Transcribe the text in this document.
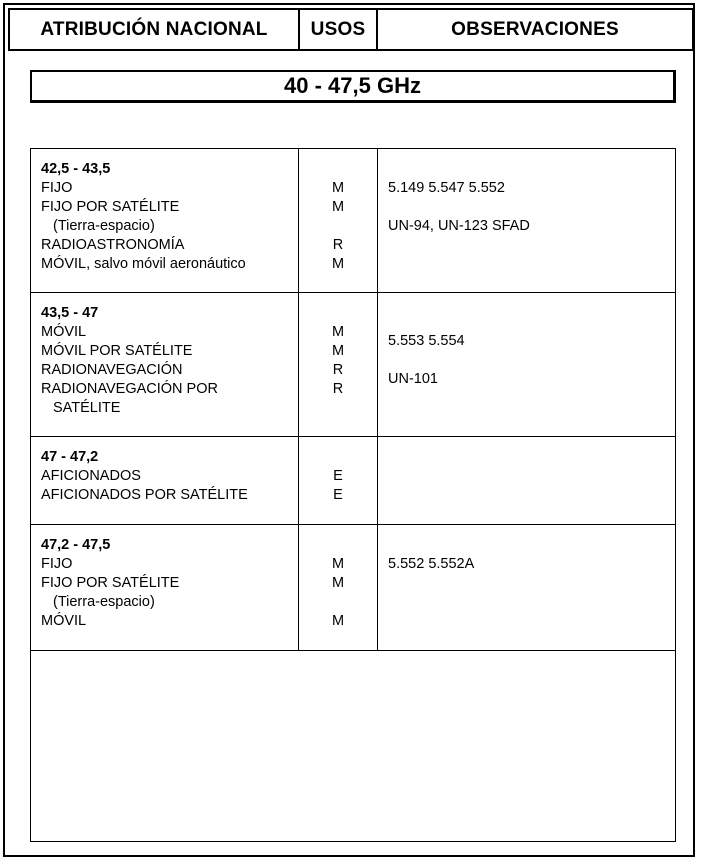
ATRIBUCIÓN NACIONAL	USOS	OBSERVACIONES
40 - 47,5 GHz
42,5 - 43,5
FIJO
FIJO POR SATÉLITE
(Tierra-espacio)
RADIOASTRONOMÍA
MÓVIL, salvo móvil aeronáutico
M
M

R
M
5.149 5.547 5.552
UN-94, UN-123 SFAD
43,5 - 47
MÓVIL
MÓVIL POR SATÉLITE
RADIONAVEGACIÓN
RADIONAVEGACIÓN POR
SATÉLITE
M
M
R
R
5.553 5.554
UN-101
47 - 47,2
AFICIONADOS
AFICIONADOS POR SATÉLITE
E
E
47,2 - 47,5
FIJO
FIJO POR SATÉLITE
(Tierra-espacio)
MÓVIL
M
M

M
5.552 5.552A
